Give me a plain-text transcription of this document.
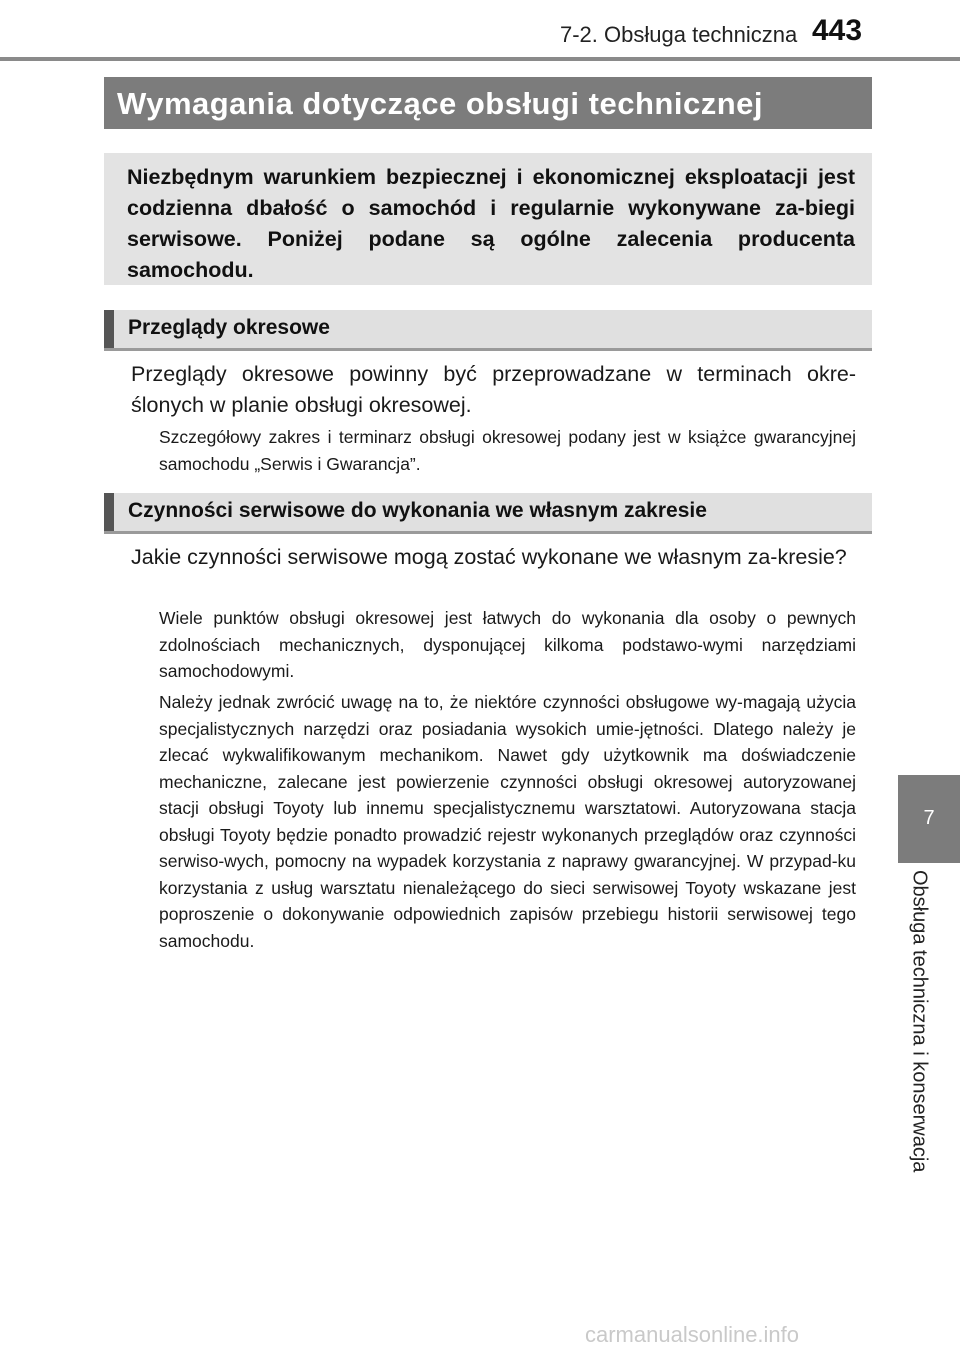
7-2. Obsługa techniczna 443
Wymagania dotyczące obsługi technicznej

Niezbędnym warunkiem bezpiecznej i ekonomicznej eksploatacji jest codzienna dbałość o samochód i regularnie wykonywane za-biegi serwisowe. Poniżej podane są ogólne zalecenia producenta samochodu.

Przeglądy okresowe

Przeglądy okresowe powinny być przeprowadzane w terminach okre-ślonych w planie obsługi okresowej.

Szczegółowy zakres i terminarz obsługi okresowej podany jest w książce gwarancyjnej samochodu „Serwis i Gwarancja”.

Czynności serwisowe do wykonania we własnym zakresie

Jakie czynności serwisowe mogą zostać wykonane we własnym za-kresie?

Wiele punktów obsługi okresowej jest łatwych do wykonania dla osoby o pewnych zdolnościach mechanicznych, dysponującej kilkoma podstawo-wymi narzędziami samochodowymi.

Należy jednak zwrócić uwagę na to, że niektóre czynności obsługowe wy-magają użycia specjalistycznych narzędzi oraz posiadania wysokich umie-jętności. Dlatego należy je zlecać wykwalifikowanym mechanikom. Nawet gdy użytkownik ma doświadczenie mechaniczne, zalecane jest powierzenie czynności obsługi okresowej autoryzowanej stacji obsługi Toyoty lub innemu specjalistycznemu warsztatowi. Autoryzowana stacja obsługi Toyoty będzie ponadto prowadzić rejestr wykonanych przeglądów oraz czynności serwiso-wych, pomocny na wypadek korzystania z naprawy gwarancyjnej. W przypad-ku korzystania z usług warsztatu nienależącego do sieci serwisowej Toyoty wskazane jest poproszenie o dokonywanie odpowiednich zapisów przebiegu historii serwisowej tego samochodu.

7
Obsługa techniczna i konserwacja
carmanualsonline.info
